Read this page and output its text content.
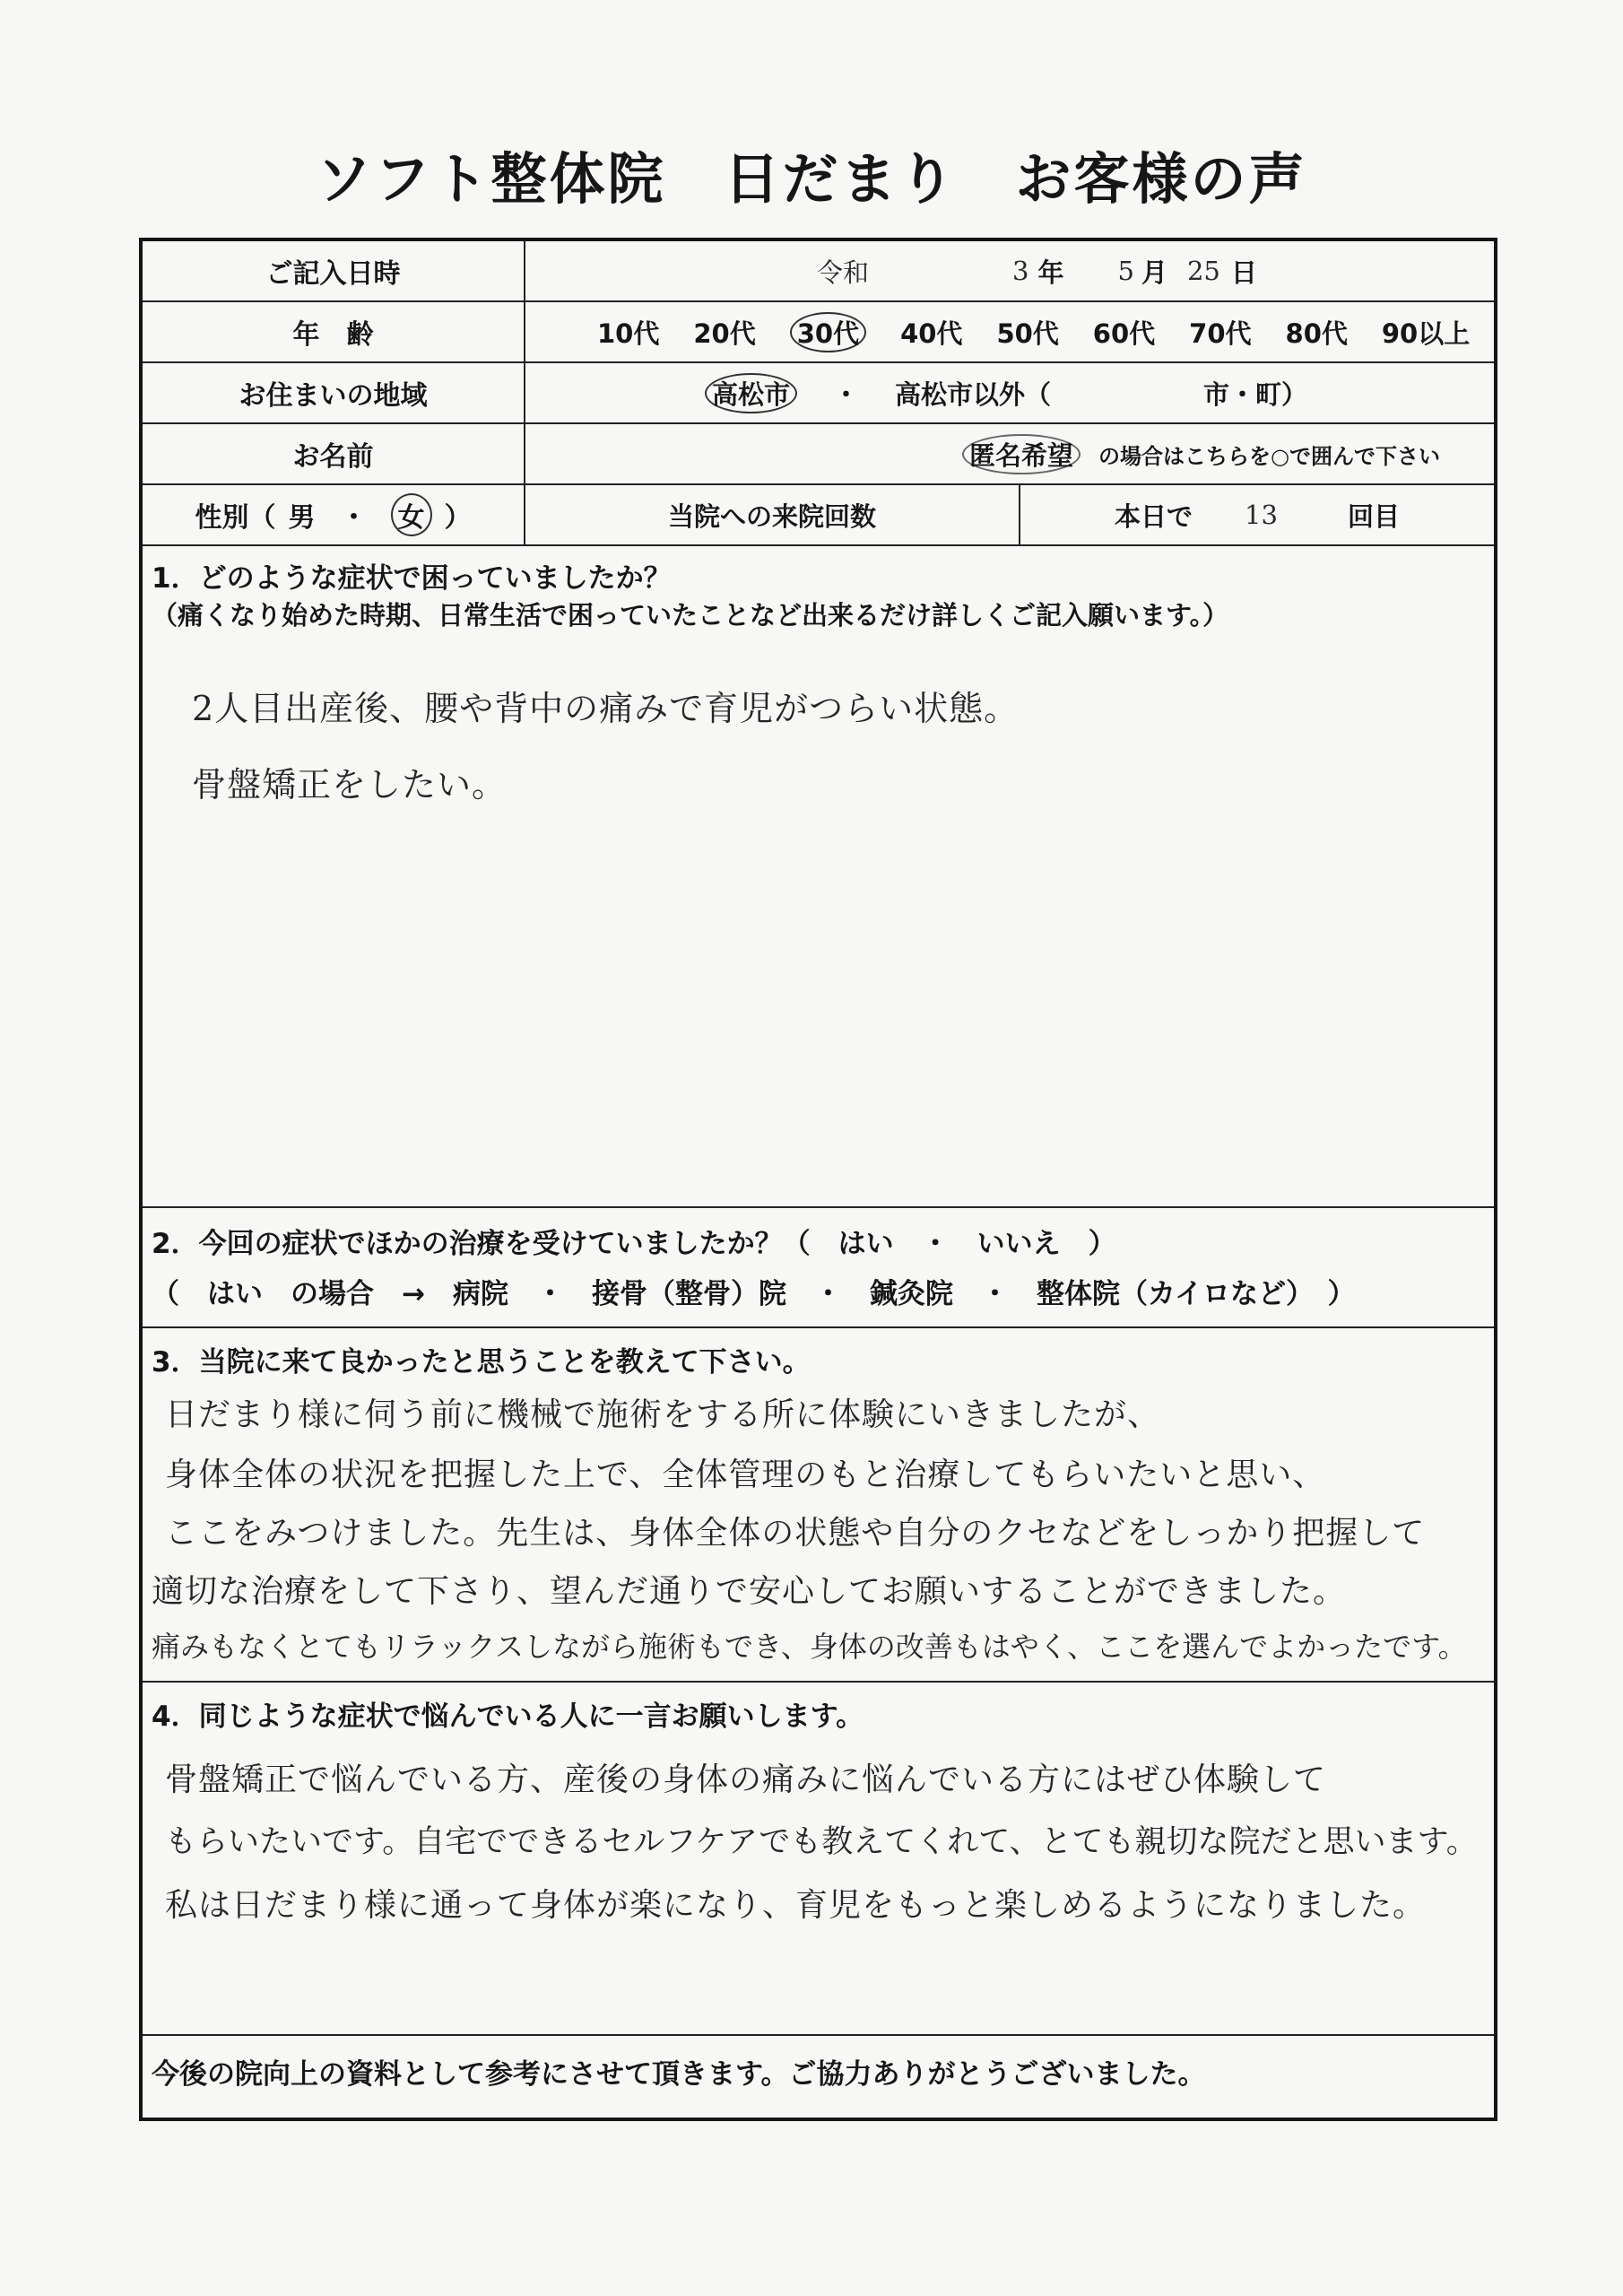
ソフト整体院　日だまり　お客様の声
ご記入日時	令和	3 年 5 月 25 日
年　齢	10代 20代 30代 40代 50代 60代 70代 80代 90以上
お住まいの地域	高松市 ・ 高松市以外（	市・町）
お名前	匿名希望	の場合はこちらを○で囲んで下さい
性別（ 男 ・ 女 ）	当院への来院回数	本日で 13	回目
1．どのような症状で困っていましたか？
（痛くなり始めた時期、日常生活で困っていたことなど出来るだけ詳しくご記入願います。）
2人目出産後、腰や背中の痛みで育児がつらい状態。
骨盤矯正をしたい。
2．今回の症状でほかの治療を受けていましたか？（　はい　・　いいえ　）
（　はい　の場合　→　病院　・　接骨（整骨）院　・　鍼灸院　・　整体院（カイロなど）　）
3．当院に来て良かったと思うことを教えて下さい。
日だまり様に伺う前に機械で施術をする所に体験にいきましたが、
身体全体の状況を把握した上で、全体管理のもと治療してもらいたいと思い、
ここをみつけました。先生は、身体全体の状態や自分のクセなどをしっかり把握して
適切な治療をして下さり、望んだ通りで安心してお願いすることができました。
痛みもなくとてもリラックスしながら施術もでき、身体の改善もはやく、ここを選んでよかったです。
4．同じような症状で悩んでいる人に一言お願いします。
骨盤矯正で悩んでいる方、産後の身体の痛みに悩んでいる方にはぜひ体験して
もらいたいです。自宅でできるセルフケアでも教えてくれて、とても親切な院だと思います。
私は日だまり様に通って身体が楽になり、育児をもっと楽しめるようになりました。
今後の院向上の資料として参考にさせて頂きます。ご協力ありがとうございました。
